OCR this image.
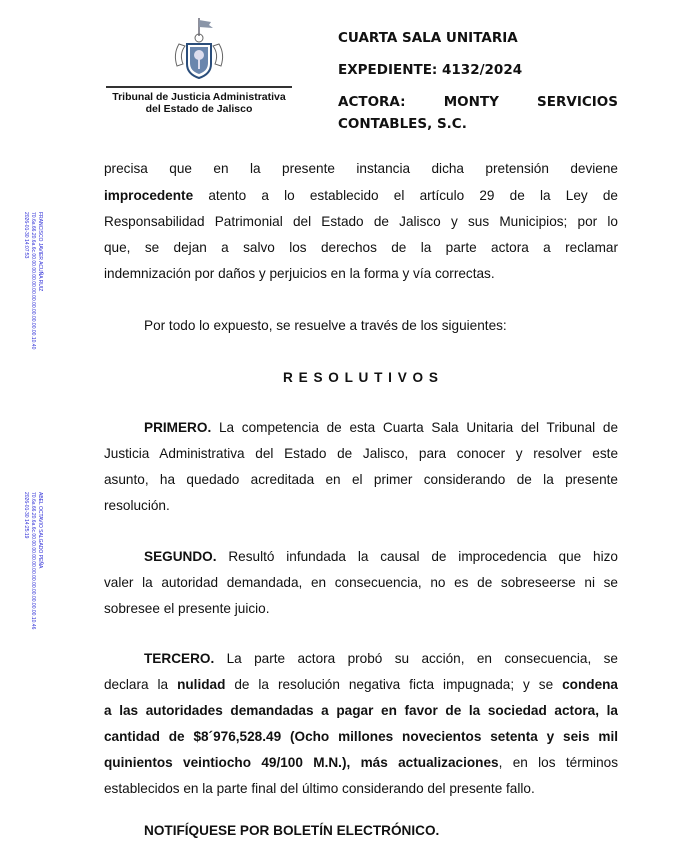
Tribunal de Justicia Administrativa
del Estado de Jalisco
CUARTA SALA UNITARIA
EXPEDIENTE: 4132/2024
ACTORA:	MONTY	SERVICIOS
CONTABLES, S.C.
FRANCISCO JAVIER ACUÑA RUIZ
70.6a.66.20.6a.6c.00.00.00.00.00.00.00.00.00.00.00.00.10.40
2026-01-30 14:07:53
ABEL OCTAVIO SALGADO PEÑA
70.6a.66.20.6a.6c.00.00.00.00.00.00.00.00.00.00.00.00.10.46
2026-01-30 14:25:19
precisa que en la presente instancia dicha pretensión deviene
improcedente atento a lo establecido el artículo 29 de la Ley de
Responsabilidad Patrimonial del Estado de Jalisco y sus Municipios; por lo
que, se dejan a salvo los derechos de la parte actora a reclamar
indemnización por daños y perjuicios en la forma y vía correctas.
Por todo lo expuesto, se resuelve a través de los siguientes:
R E S O L U T I V O S
PRIMERO. La competencia de esta Cuarta Sala Unitaria del Tribunal de
Justicia Administrativa del Estado de Jalisco, para conocer y resolver este
asunto, ha quedado acreditada en el primer considerando de la presente
resolución.
SEGUNDO. Resultó infundada la causal de improcedencia que hizo
valer la autoridad demandada, en consecuencia, no es de sobreseerse ni se
sobresee el presente juicio.
TERCERO. La parte actora probó su acción, en consecuencia, se
declara la nulidad de la resolución negativa ficta impugnada; y se condena
a las autoridades demandadas a pagar en favor de la sociedad actora, la
cantidad de $8´976,528.49 (Ocho millones novecientos setenta y seis mil
quinientos veintiocho 49/100 M.N.), más actualizaciones, en los términos
establecidos en la parte final del último considerando del presente fallo.
NOTIFÍQUESE POR BOLETÍN ELECTRÓNICO.
